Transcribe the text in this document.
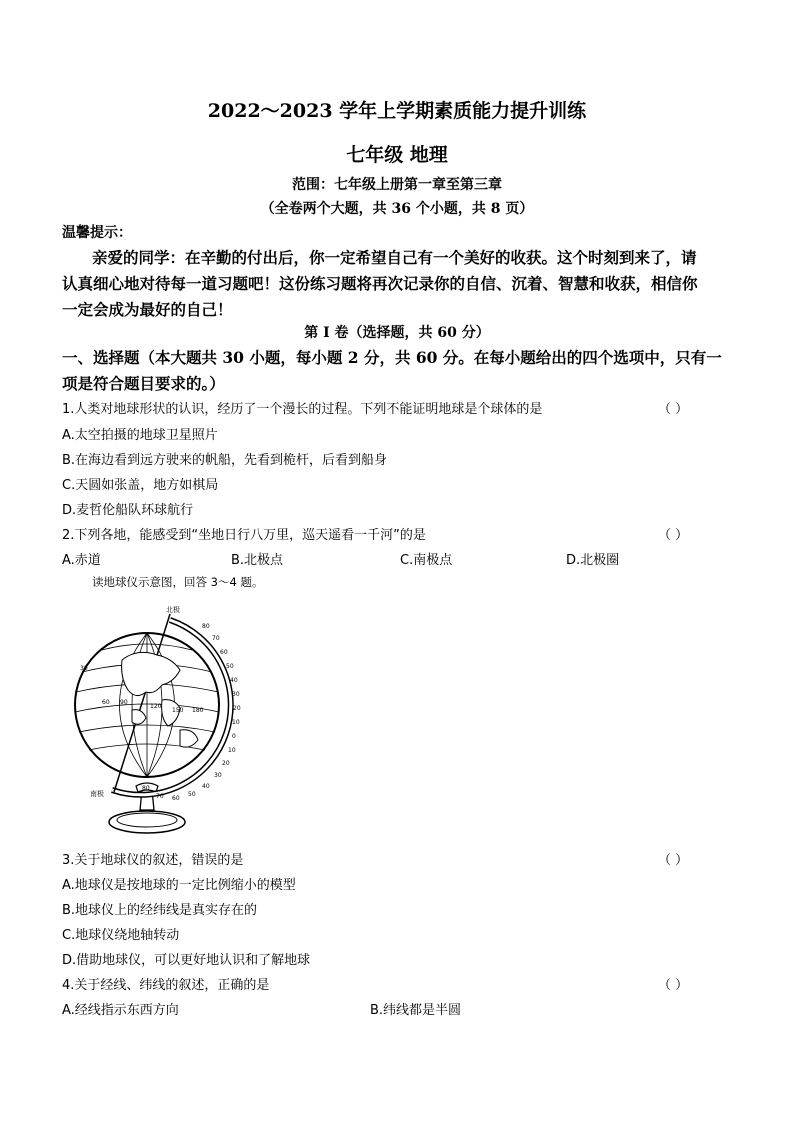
2022～2023 学年上学期素质能力提升训练
七年级 地理
范围：七年级上册第一章至第三章
（全卷两个大题，共 36 个小题，共 8 页）
温馨提示：
亲爱的同学：在辛勤的付出后，你一定希望自己有一个美好的收获。这个时刻到来了，请
认真细心地对待每一道习题吧！这份练习题将再次记录你的自信、沉着、智慧和收获，相信你
一定会成为最好的自己！
第 I 卷（选择题，共 60 分）
一、选择题（本大题共 30 小题，每小题 2 分，共 60 分。在每小题给出的四个选项中，只有一
项是符合题目要求的。）
1.人类对地球形状的认识，经历了一个漫长的过程。下列不能证明地球是个球体的是	（ ）
A.太空拍摄的地球卫星照片
B.在海边看到远方驶来的帆船，先看到桅杆，后看到船身
C.天圆如张盖，地方如棋局
D.麦哲伦船队环球航行
2.下列各地，能感受到“坐地日行八万里，巡天遥看一千河”的是	（ ）
A.赤道	B.北极点	C.南极点	D.北极圈
读地球仪示意图，回答 3～4 题。
北极
南极
80
70
60
50
40
30
20
10
0
10
20
30
40
50
60
70
80
30
60 90
120
150 180
3.关于地球仪的叙述，错误的是	（ ）
A.地球仪是按地球的一定比例缩小的模型
B.地球仪上的经纬线是真实存在的
C.地球仪绕地轴转动
D.借助地球仪，可以更好地认识和了解地球
4.关于经线、纬线的叙述，正确的是	（ ）
A.经线指示东西方向	B.纬线都是半圆
